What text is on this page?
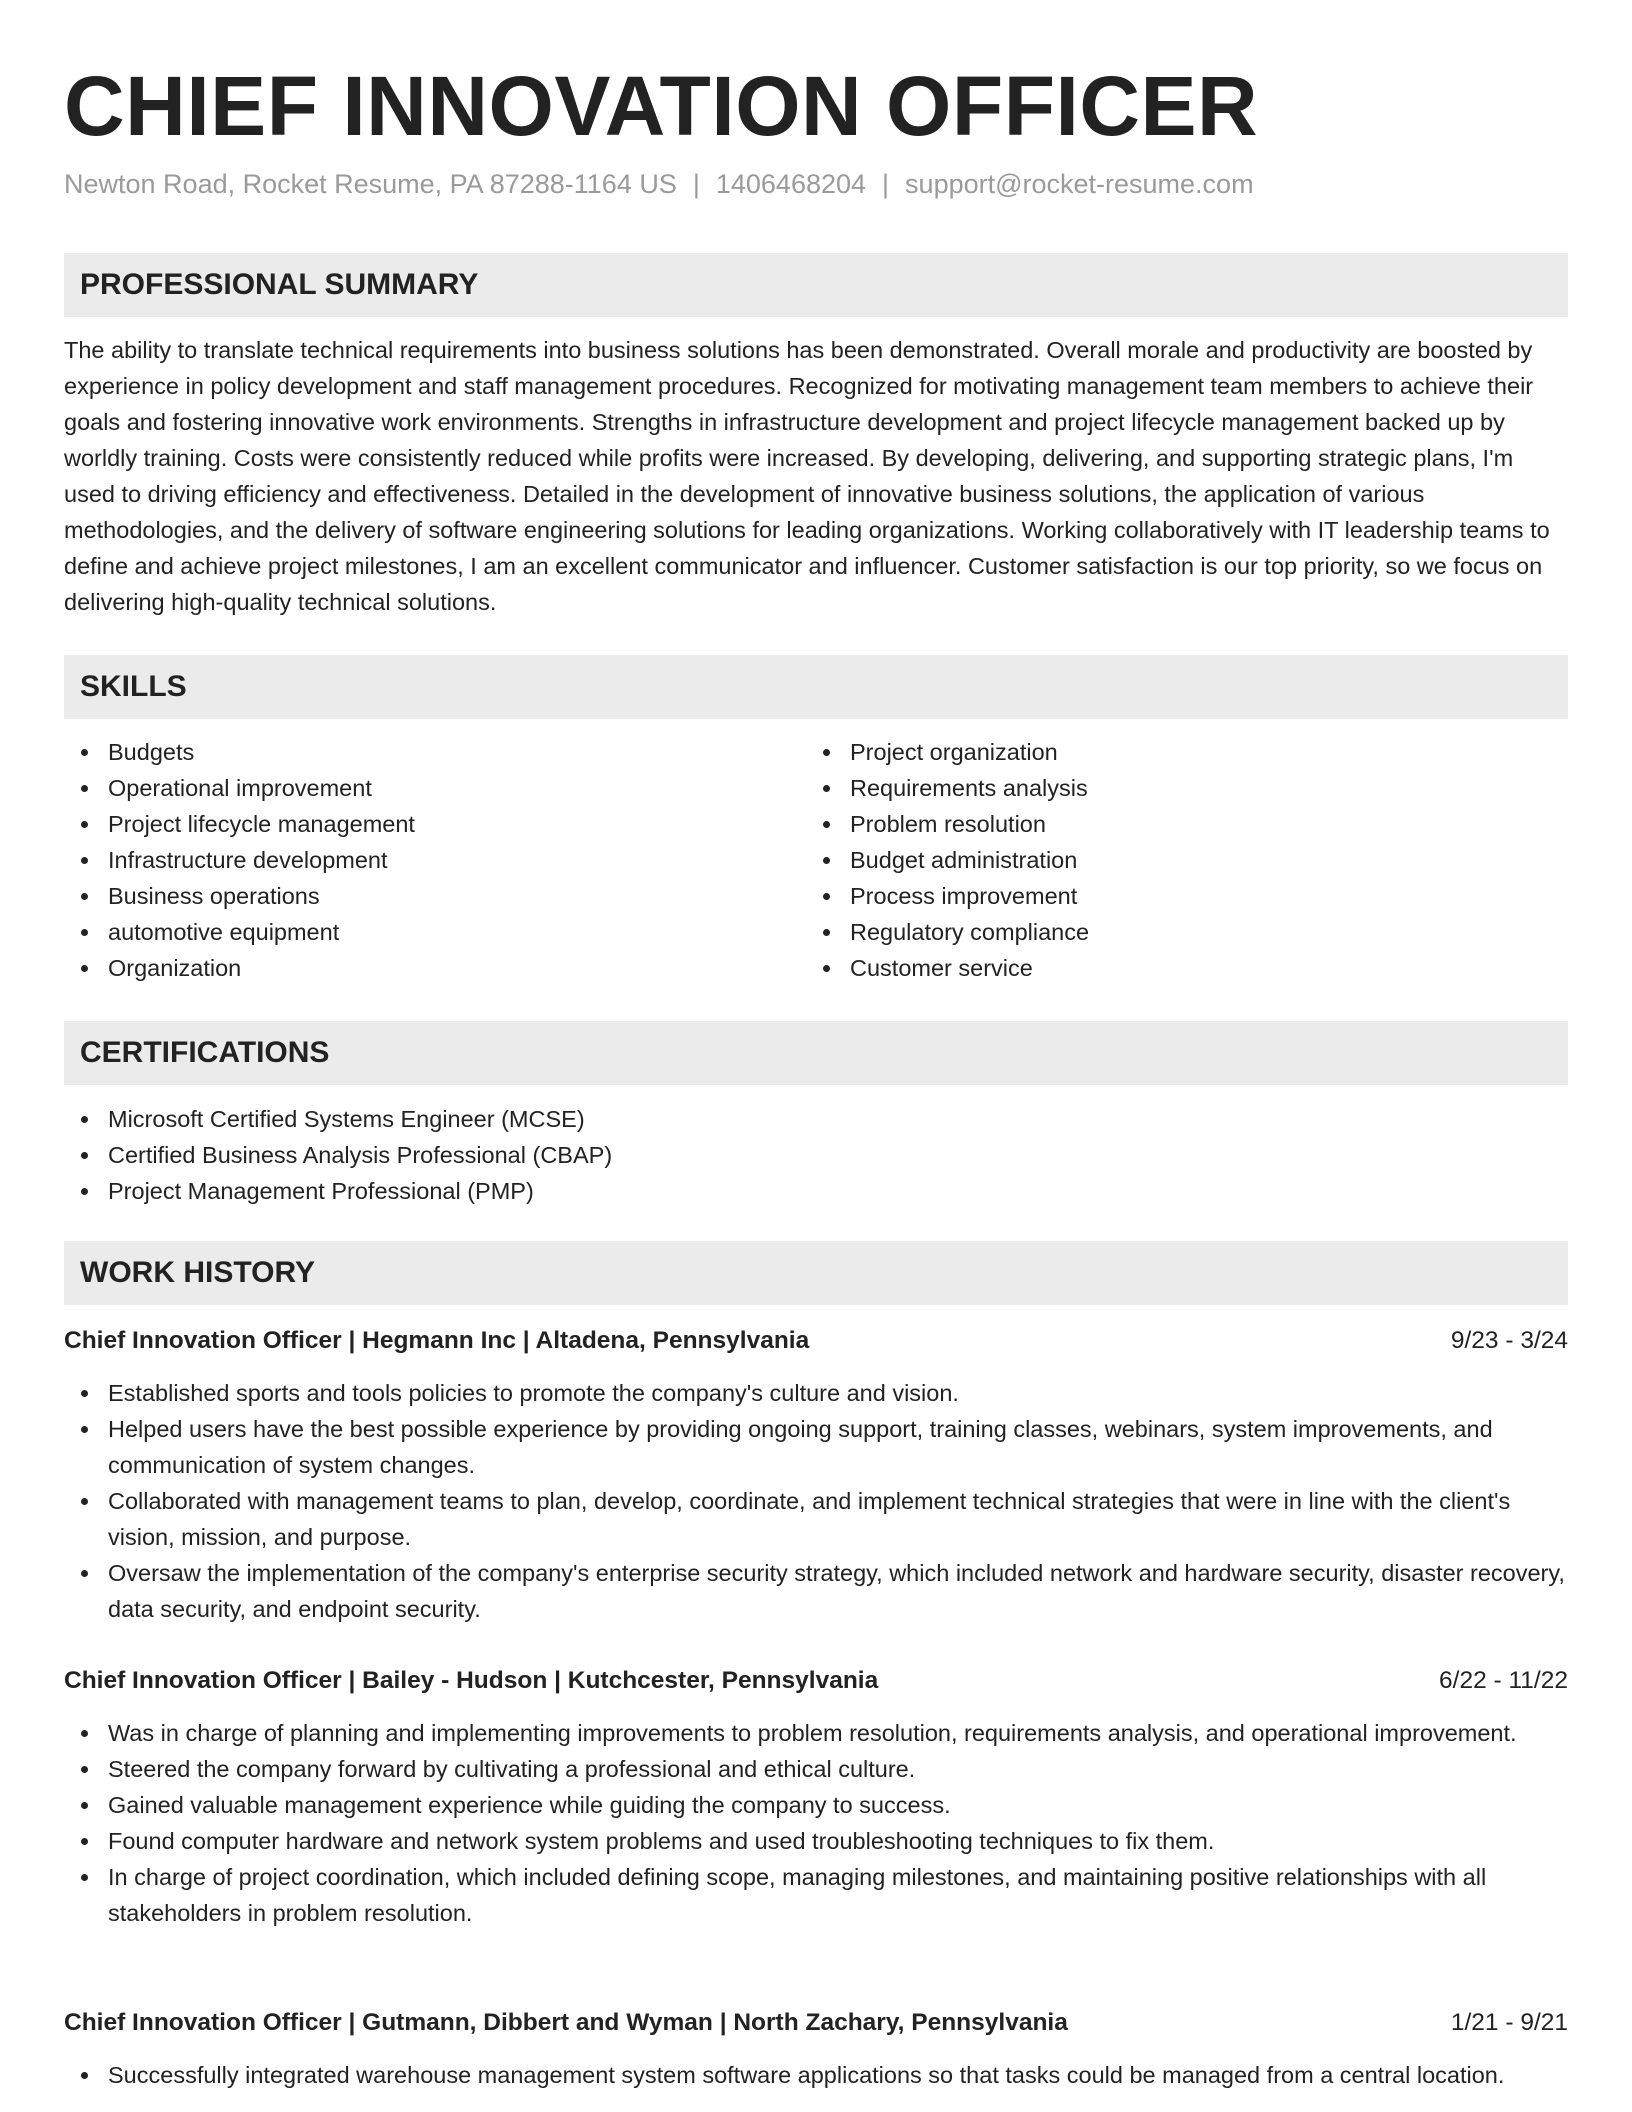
CHIEF INNOVATION OFFICER
Newton Road, Rocket Resume, PA 87288-1164 US | 1406468204 | support@rocket-resume.com
PROFESSIONAL SUMMARY

The ability to translate technical requirements into business solutions has been demonstrated. Overall morale and productivity are boosted by experience in policy development and staff management procedures. Recognized for motivating management team members to achieve their goals and fostering innovative work environments. Strengths in infrastructure development and project lifecycle management backed up by worldly training. Costs were consistently reduced while profits were increased. By developing, delivering, and supporting strategic plans, I'm used to driving efficiency and effectiveness. Detailed in the development of innovative business solutions, the application of various methodologies, and the delivery of software engineering solutions for leading organizations. Working collaboratively with IT leadership teams to define and achieve project milestones, I am an excellent communicator and influencer. Customer satisfaction is our top priority, so we focus on delivering high-quality technical solutions.

SKILLS
Budgets
Operational improvement
Project lifecycle management
Infrastructure development
Business operations
automotive equipment
Organization
Project organization
Requirements analysis
Problem resolution
Budget administration
Process improvement
Regulatory compliance
Customer service
CERTIFICATIONS
Microsoft Certified Systems Engineer (MCSE)
Certified Business Analysis Professional (CBAP)
Project Management Professional (PMP)
WORK HISTORY
Chief Innovation Officer | Hegmann Inc | Altadena, Pennsylvania	9/23 - 3/24
Established sports and tools policies to promote the company's culture and vision.
Helped users have the best possible experience by providing ongoing support, training classes, webinars, system improvements, and communication of system changes.
Collaborated with management teams to plan, develop, coordinate, and implement technical strategies that were in line with the client's vision, mission, and purpose.
Oversaw the implementation of the company's enterprise security strategy, which included network and hardware security, disaster recovery, data security, and endpoint security.
Chief Innovation Officer | Bailey - Hudson | Kutchcester, Pennsylvania	6/22 - 11/22
Was in charge of planning and implementing improvements to problem resolution, requirements analysis, and operational improvement.
Steered the company forward by cultivating a professional and ethical culture.
Gained valuable management experience while guiding the company to success.
Found computer hardware and network system problems and used troubleshooting techniques to fix them.
In charge of project coordination, which included defining scope, managing milestones, and maintaining positive relationships with all stakeholders in problem resolution.
Chief Innovation Officer | Gutmann, Dibbert and Wyman | North Zachary, Pennsylvania	1/21 - 9/21
Successfully integrated warehouse management system software applications so that tasks could be managed from a central location.
